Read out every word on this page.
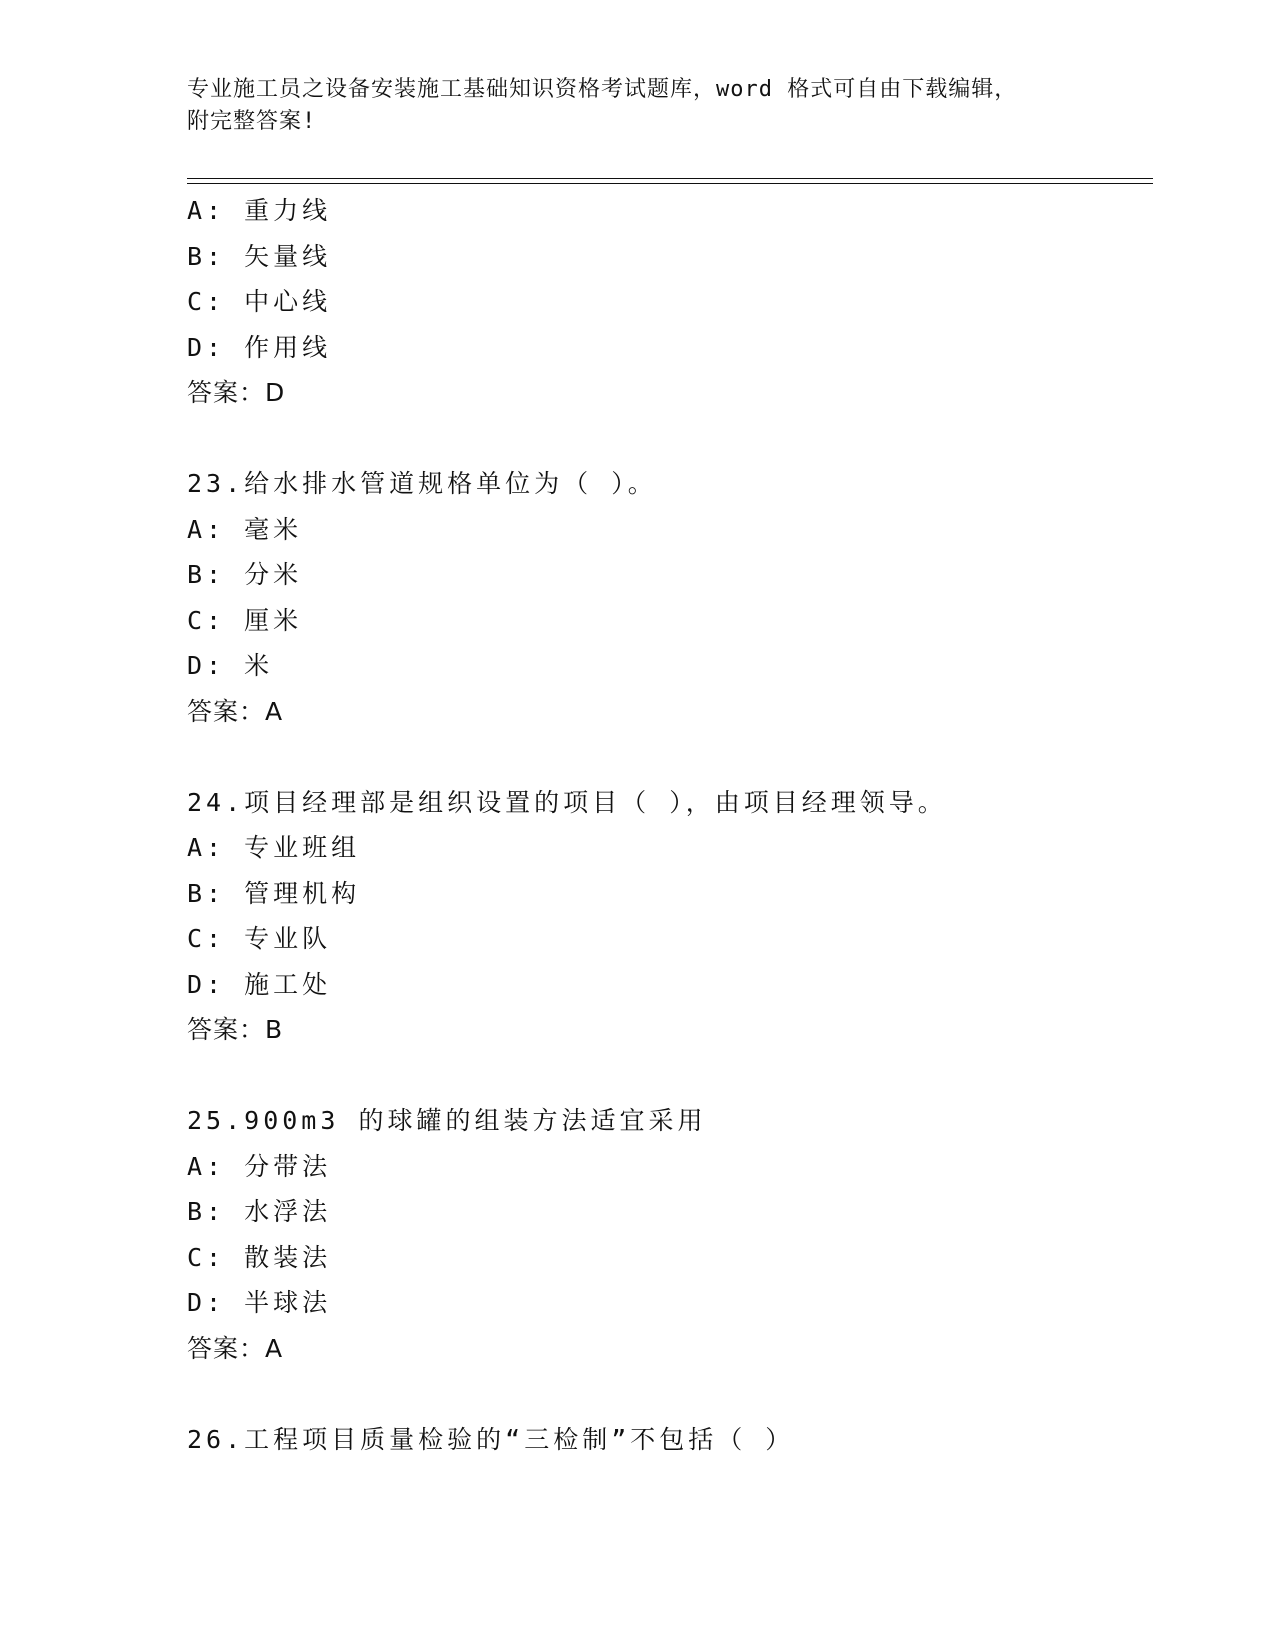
专业施工员之设备安装施工基础知识资格考试题库，word 格式可自由下载编辑，
附完整答案!
A: 重力线
B: 矢量线
C: 中心线
D: 作用线
答案：D
23.给水排水管道规格单位为（ ）。
A: 毫米
B: 分米
C: 厘米
D: 米
答案：A
24.项目经理部是组织设置的项目（ ），由项目经理领导。
A: 专业班组
B: 管理机构
C: 专业队
D: 施工处
答案：B
25.900m3 的球罐的组装方法适宜采用
A: 分带法
B: 水浮法
C: 散装法
D: 半球法
答案：A
26.工程项目质量检验的“三检制”不包括（ ）
